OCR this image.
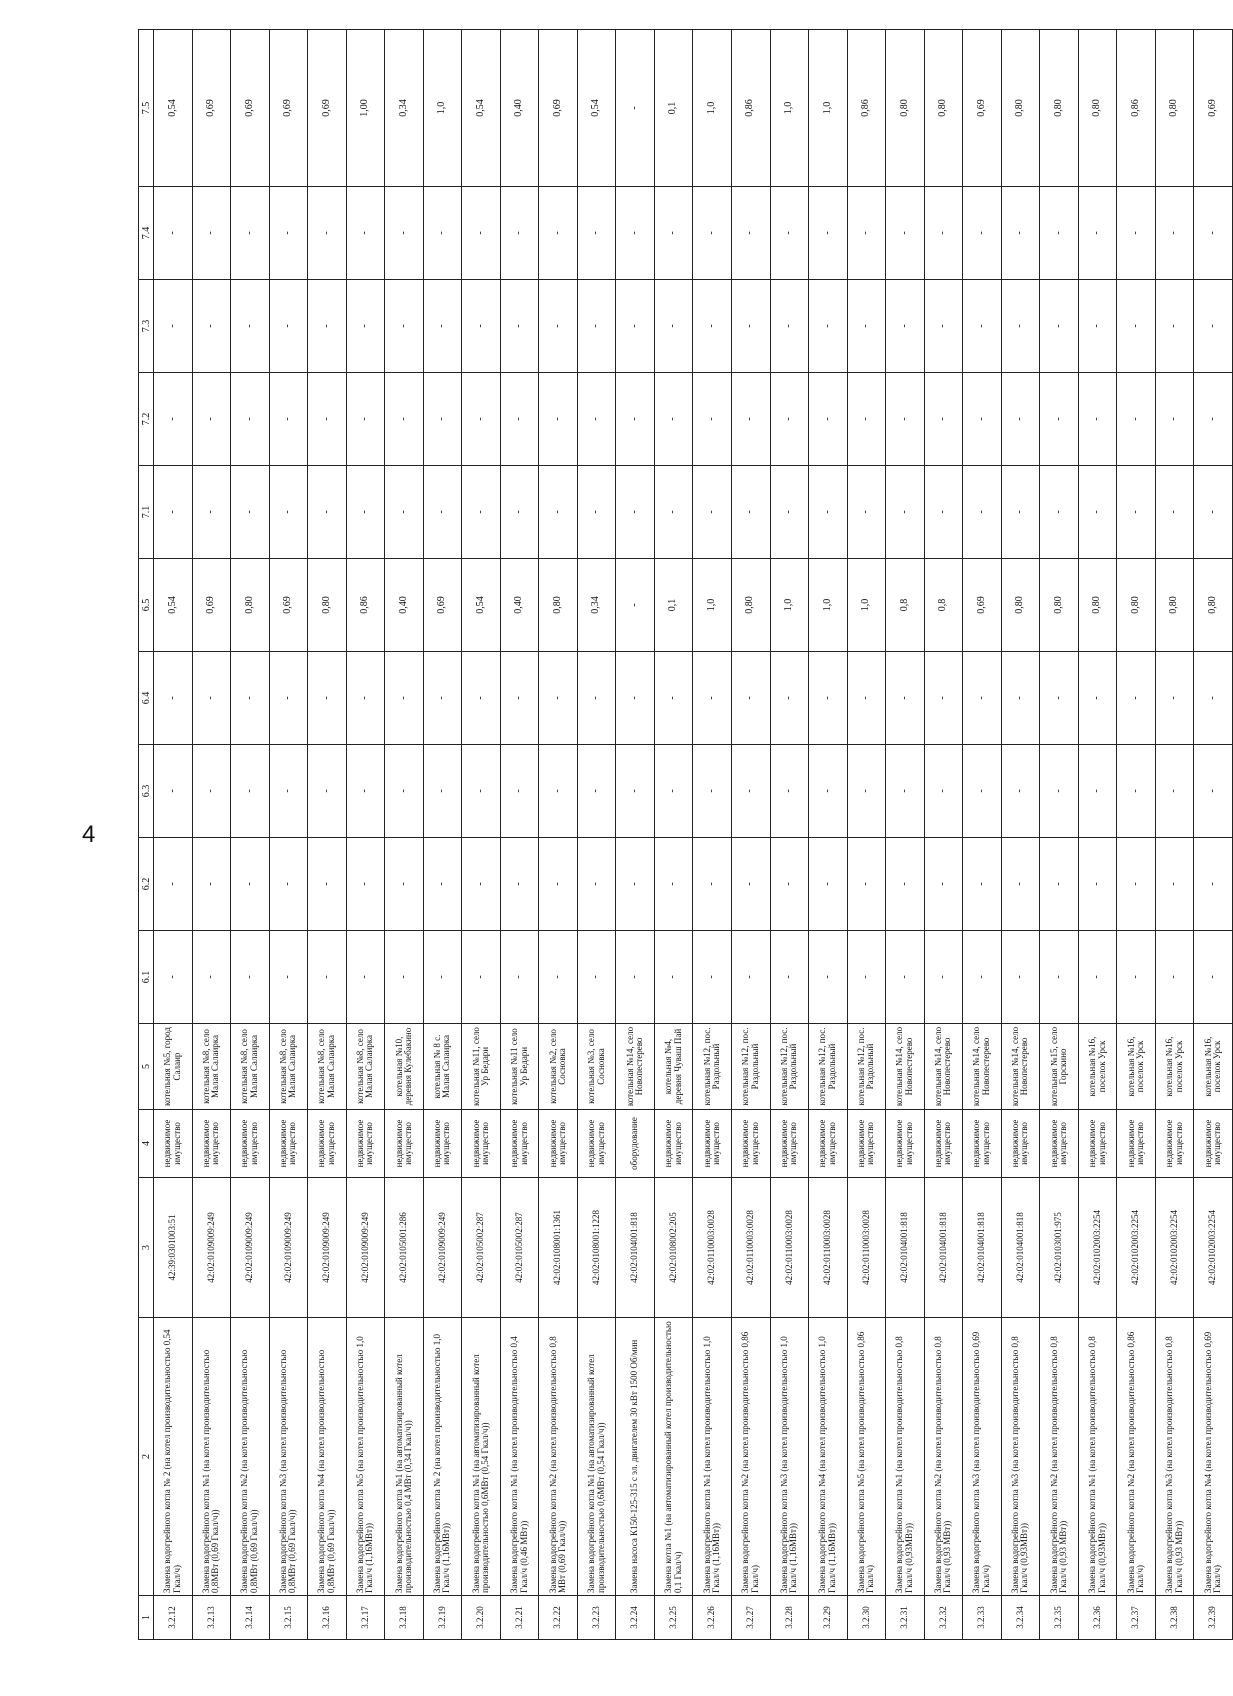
4
1	2	3	4	5	6.1	6.2	6.3	6.4	6.5	7.1	7.2	7.3	7.4	7.5
3.2.12	Замена водогрейного котла № 2 (на котел производительностью 0,54 Гкал/ч)	42:39:0301003:51	недвижимое имущество	котельная №5, город Салаир	-	-	-	-	0,54	-	-	-	-	0,54
3.2.13	Замена водогрейного котла №1 (на котел производительностью 0,8МВт (0,69 Гкал/ч))	42:02:0109009:249	недвижимое имущество	котельная №8, село Малая Салаирка	-	-	-	-	0,69	-	-	-	-	0,69
3.2.14	Замена водогрейного котла №2 (на котел производительностью 0,8МВт (0,69 Гкал/ч))	42:02:0109009:249	недвижимое имущество	котельная №8, село Малая Салаирка	-	-	-	-	0,80	-	-	-	-	0,69
3.2.15	Замена водогрейного котла №3 (на котел производительностью 0,8МВт (0,69 Гкал/ч))	42:02:0109009:249	недвижимое имущество	котельная №8, село Малая Салаирка	-	-	-	-	0,69	-	-	-	-	0,69
3.2.16	Замена водогрейного котла №4 (на котел производительностью 0,8МВт (0,69 Гкал/ч))	42:02:0109009:249	недвижимое имущество	котельная №8, село Малая Салаирка	-	-	-	-	0,80	-	-	-	-	0,69
3.2.17	Замена водогрейного котла №5 (на котел производительностью 1,0 Гкал/ч (1,16МВт))	42:02:0109009:249	недвижимое имущество	котельная №8, село Малая Салаирка	-	-	-	-	0,86	-	-	-	-	1,00
3.2.18	Замена водогрейного котла №1 (на автоматизированный котел производительностью 0,4 МВт (0,34 Гкал/ч))	42:02:0105001:286	недвижимое имущество	котельная №10, деревня Кулебакино	-	-	-	-	0,40	-	-	-	-	0,34
3.2.19	Замена водогрейного котла № 2 (на котел производительностью 1,0 Гкал/ч (1,16МВт))	42:02:0109009:249	недвижимое имущество	котельная № 8 с. Малая Салаирка	-	-	-	-	0,69	-	-	-	-	1,0
3.2.20	Замена водогрейного котла №1 (на автоматизированный котел производительностью 0,6МВт (0,54 Гкал/ч))	42:02:0105002:287	недвижимое имущество	котельная №11, село Ур Бедари	-	-	-	-	0,54	-	-	-	-	0,54
3.2.21	Замена водогрейного котла №1 (на котел производительностью 0,4 Гкал/ч (0,46 МВт))	42:02:0105002:287	недвижимое имущество	котельная №11 село Ур Бедари	-	-	-	-	0,40	-	-	-	-	0,40
3.2.22	Замена водогрейного котла №2 (на котел производительностью 0,8 МВт (0,69 Гкал/ч))	42:02:0108001:1361	недвижимое имущество	котельная №2, село Сосновка	-	-	-	-	0,80	-	-	-	-	0,69
3.2.23	Замена водогрейного котла №1 (на автоматизированный котел производительностью 0,6МВт (0,54 Гкал/ч))	42:02:0108001:1228	недвижимое имущество	котельная №3, село Сосновка	-	-	-	-	0,34	-	-	-	-	0,54
3.2.24	Замена насоса К150-125-315 с эл. двигателем 30 кВт 1500 Об/мин	42:02:0104001:818	оборудование	котельная №14, село Новопестерево	-	-	-	-	-	-	-	-	-	-
3.2.25	Замена котла №1 (на автоматизированный котел производительностью 0,1 Гкал/ч)	42:02:0108002:205	недвижимое имущество	котельная №4, деревня Чуваш Пай	-	-	-	-	0,1	-	-	-	-	0,1
3.2.26	Замена водогрейного котла №1 (на котел производительностью 1,0 Гкал/ч (1,16МВт))	42:02:0110003:0028	недвижимое имущество	котельная №12, пос. Раздольный	-	-	-	-	1,0	-	-	-	-	1,0
3.2.27	Замена водогрейного котла №2 (на котел производительностью 0,86 Гкал/ч)	42:02:0110003:0028	недвижимое имущество	котельная №12, пос. Раздольный	-	-	-	-	0,80	-	-	-	-	0,86
3.2.28	Замена водогрейного котла №3 (на котел производительностью 1,0 Гкал/ч (1,16МВт))	42:02:0110003:0028	недвижимое имущество	котельная №12, пос. Раздольный	-	-	-	-	1,0	-	-	-	-	1,0
3.2.29	Замена водогрейного котла №4 (на котел производительностью 1,0 Гкал/ч (1,16МВт))	42:02:0110003:0028	недвижимое имущество	котельная №12, пос. Раздольный	-	-	-	-	1,0	-	-	-	-	1,0
3.2.30	Замена водогрейного котла №5 (на котел производительностью 0,86 Гкал/ч)	42:02:0110003:0028	недвижимое имущество	котельная №12, пос. Раздольный	-	-	-	-	1,0	-	-	-	-	0,86
3.2.31	Замена водогрейного котла №1 (на котел производительностью 0,8 Гкал/ч (0,93МВт))	42:02:0104001:818	недвижимое имущество	котельная №14, село Новопестерево	-	-	-	-	0,8	-	-	-	-	0,80
3.2.32	Замена водогрейного котла №2 (на котел производительностью 0,8 Гкал/ч (0,93 МВт))	42:02:0104001:818	недвижимое имущество	котельная №14, село Новопестерево	-	-	-	-	0,8	-	-	-	-	0,80
3.2.33	Замена водогрейного котла №3 (на котел производительностью 0,69 Гкал/ч)	42:02:0104001:818	недвижимое имущество	котельная №14, село Новопестерево	-	-	-	-	0,69	-	-	-	-	0,69
3.2.34	Замена водогрейного котла №3 (на котел производительностью 0,8 Гкал/ч (0,93МВт))	42:02:0104001:818	недвижимое имущество	котельная №14, село Новопестерево	-	-	-	-	0,80	-	-	-	-	0,80
3.2.35	Замена водогрейного котла №2 (на котел производительностью 0,8 Гкал/ч (0,93 МВт))	42:02:0103001:975	недвижимое имущество	котельная №15, село Горскино	-	-	-	-	0,80	-	-	-	-	0,80
3.2.36	Замена водогрейного котла №1 (на котел производительностью 0,8 Гкал/ч (0,93МВт))	42:02:0102003:2254	недвижимое имущество	котельная №16, поселок Урск	-	-	-	-	0,80	-	-	-	-	0,80
3.2.37	Замена водогрейного котла №2 (на котел производительностью 0,86 Гкал/ч)	42:02:0102003:2254	недвижимое имущество	котельная №16, поселок Урск	-	-	-	-	0,80	-	-	-	-	0,86
3.2.38	Замена водогрейного котла №3 (на котел производительностью 0,8 Гкал/ч (0,93 МВт))	42:02:0102003:2254	недвижимое имущество	котельная №16, поселок Урск	-	-	-	-	0,80	-	-	-	-	0,80
3.2.39	Замена водогрейного котла №4 (на котел производительностью 0,69 Гкал/ч)	42:02:0102003:2254	недвижимое имущество	котельная №16, поселок Урск	-	-	-	-	0,80	-	-	-	-	0,69
